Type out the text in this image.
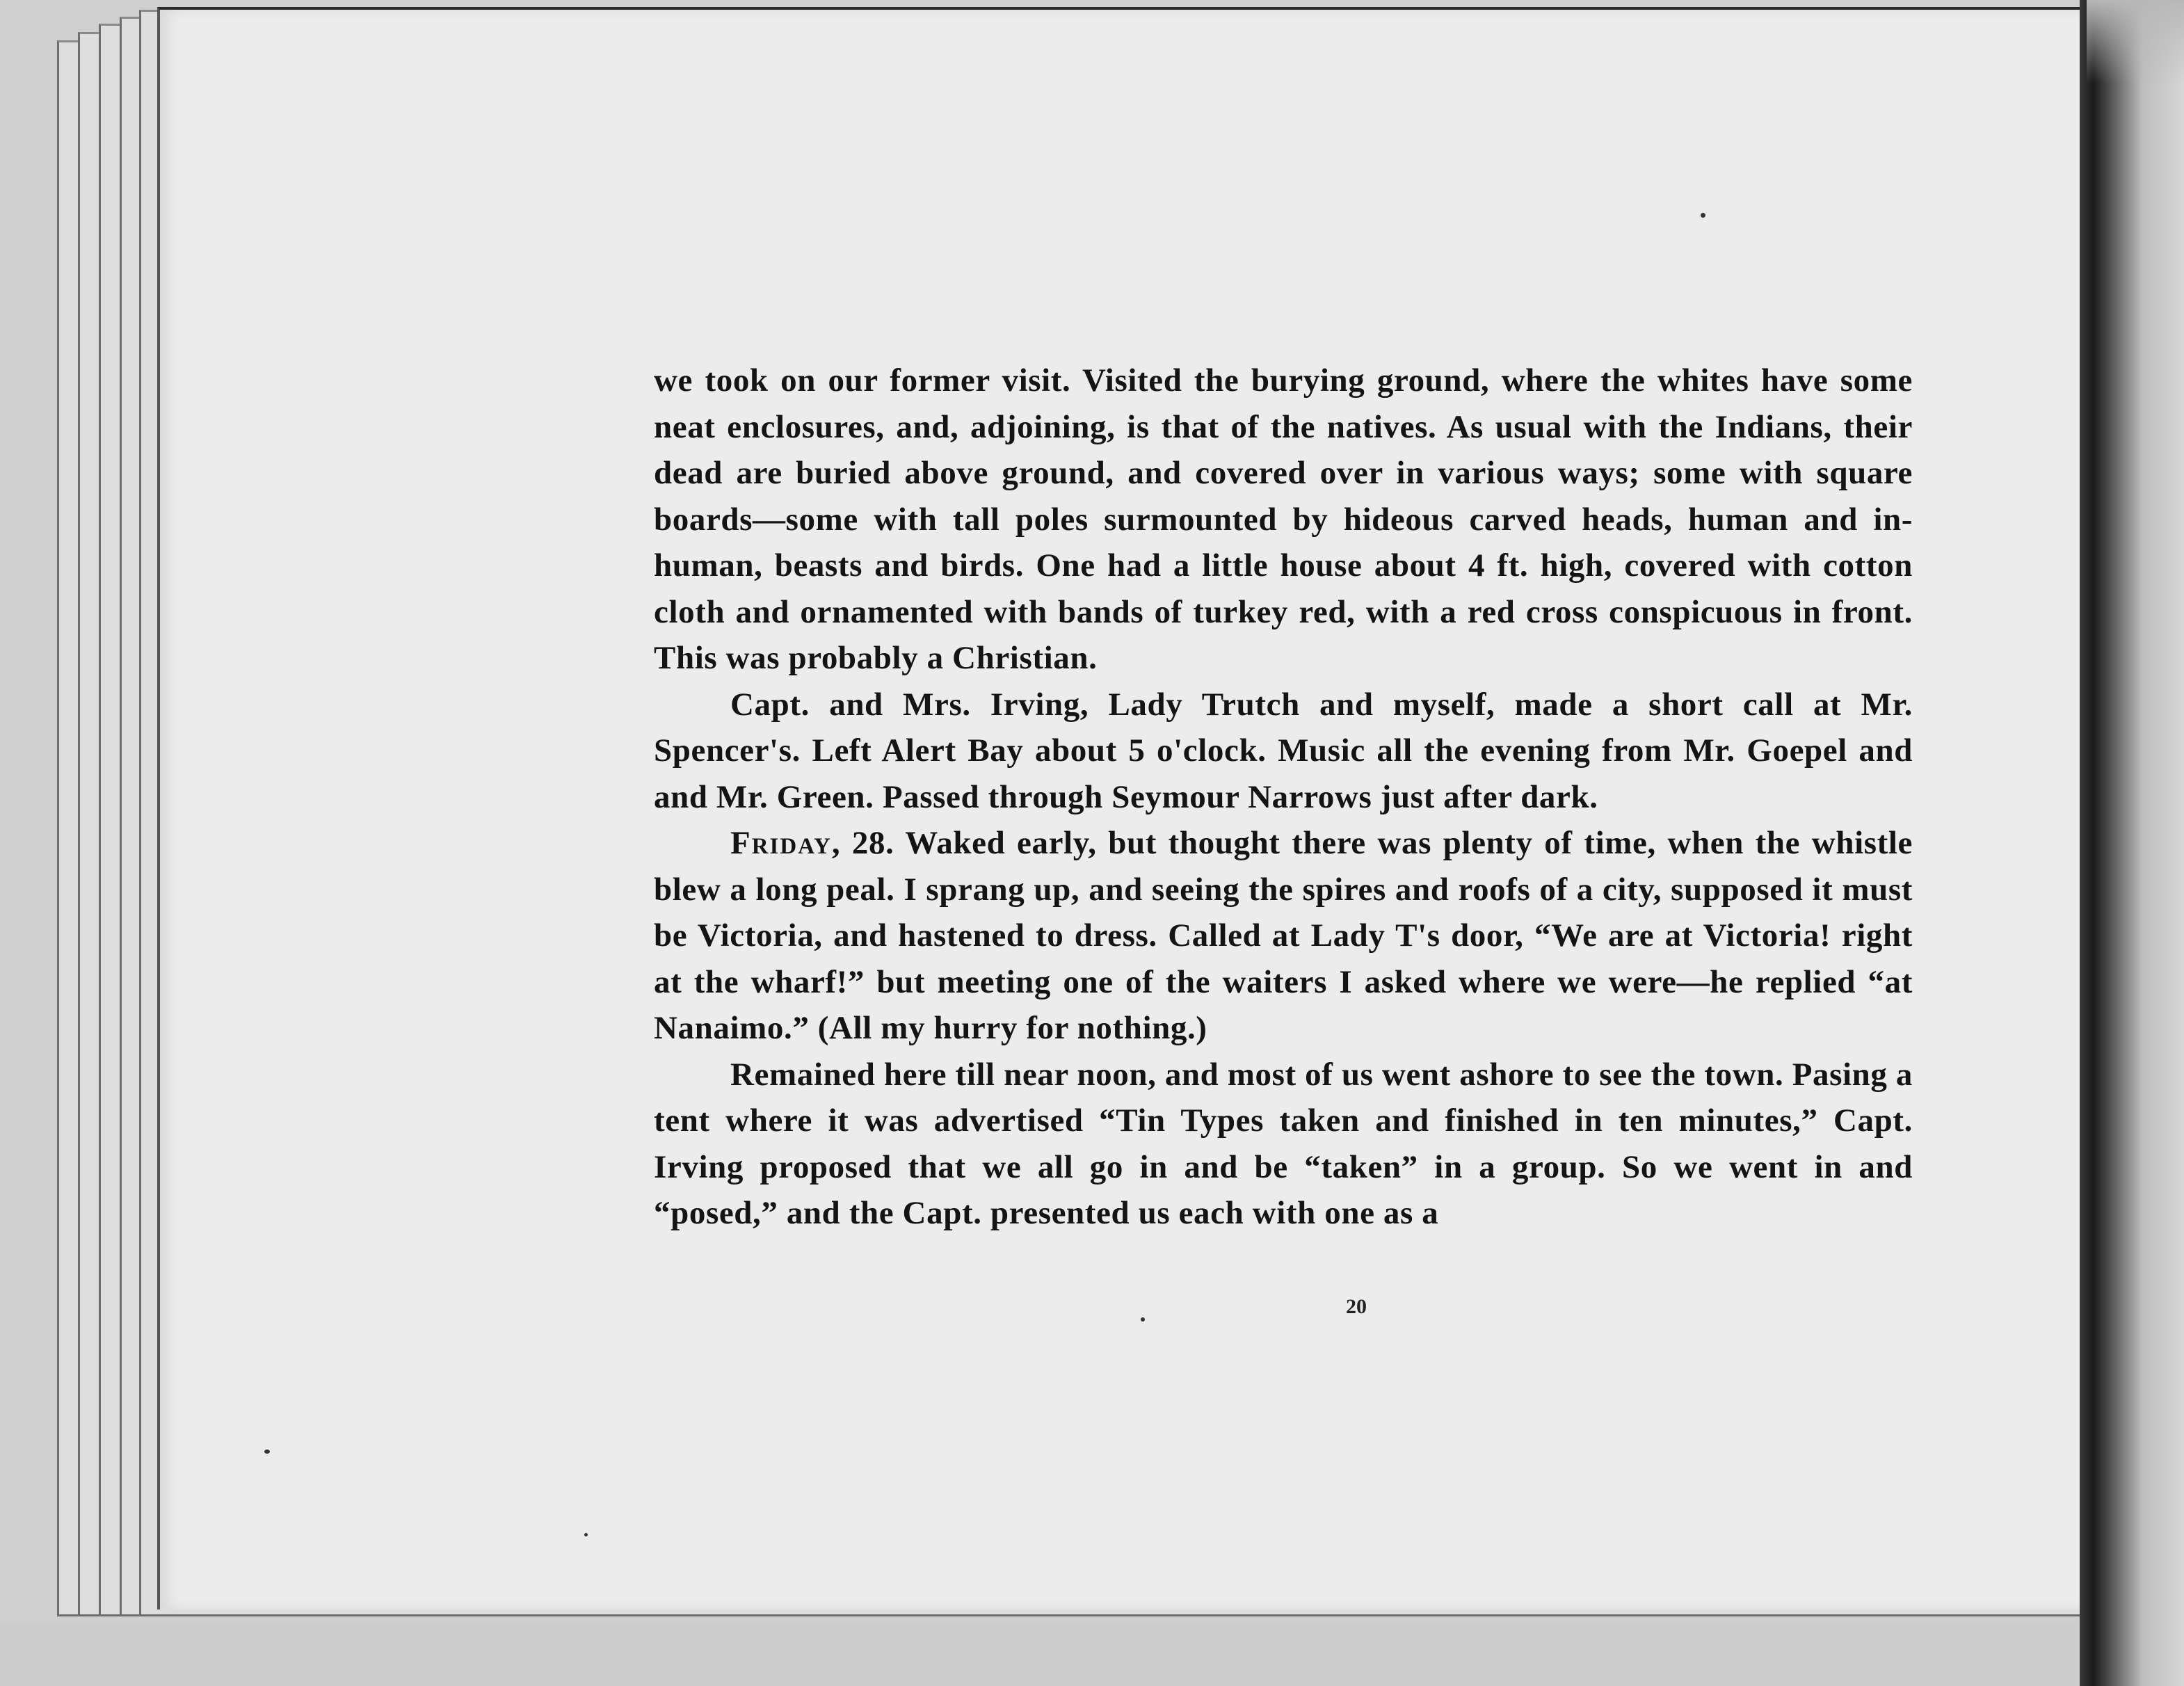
we took on our former visit. Visited the burying ground, where the whites have some neat enclosures, and, adjoining, is that of the natives. As usual with the Indians, their dead are buried above ground, and covered over in various ways; some with square boards—some with tall poles surmounted by hideous carved heads, human and in-human, beasts and birds. One had a little house about 4 ft. high, covered with cotton cloth and ornamented with bands of turkey red, with a red cross conspicuous in front. This was probably a Christian.

Capt. and Mrs. Irving, Lady Trutch and myself, made a short call at Mr. Spencer's. Left Alert Bay about 5 o'clock. Music all the evening from Mr. Goepel and and Mr. Green. Passed through Seymour Narrows just after dark.

Friday, 28. Waked early, but thought there was plenty of time, when the whistle blew a long peal. I sprang up, and seeing the spires and roofs of a city, supposed it must be Victoria, and hastened to dress. Called at Lady T's door, “We are at Victoria! right at the wharf!” but meeting one of the waiters I asked where we were—he replied “at Nanaimo.” (All my hurry for nothing.)

Remained here till near noon, and most of us went ashore to see the town. Pasing a tent where it was advertised “Tin Types taken and finished in ten minutes,” Capt. Irving proposed that we all go in and be “taken” in a group. So we went in and “posed,” and the Capt. presented us each with one as a

20
